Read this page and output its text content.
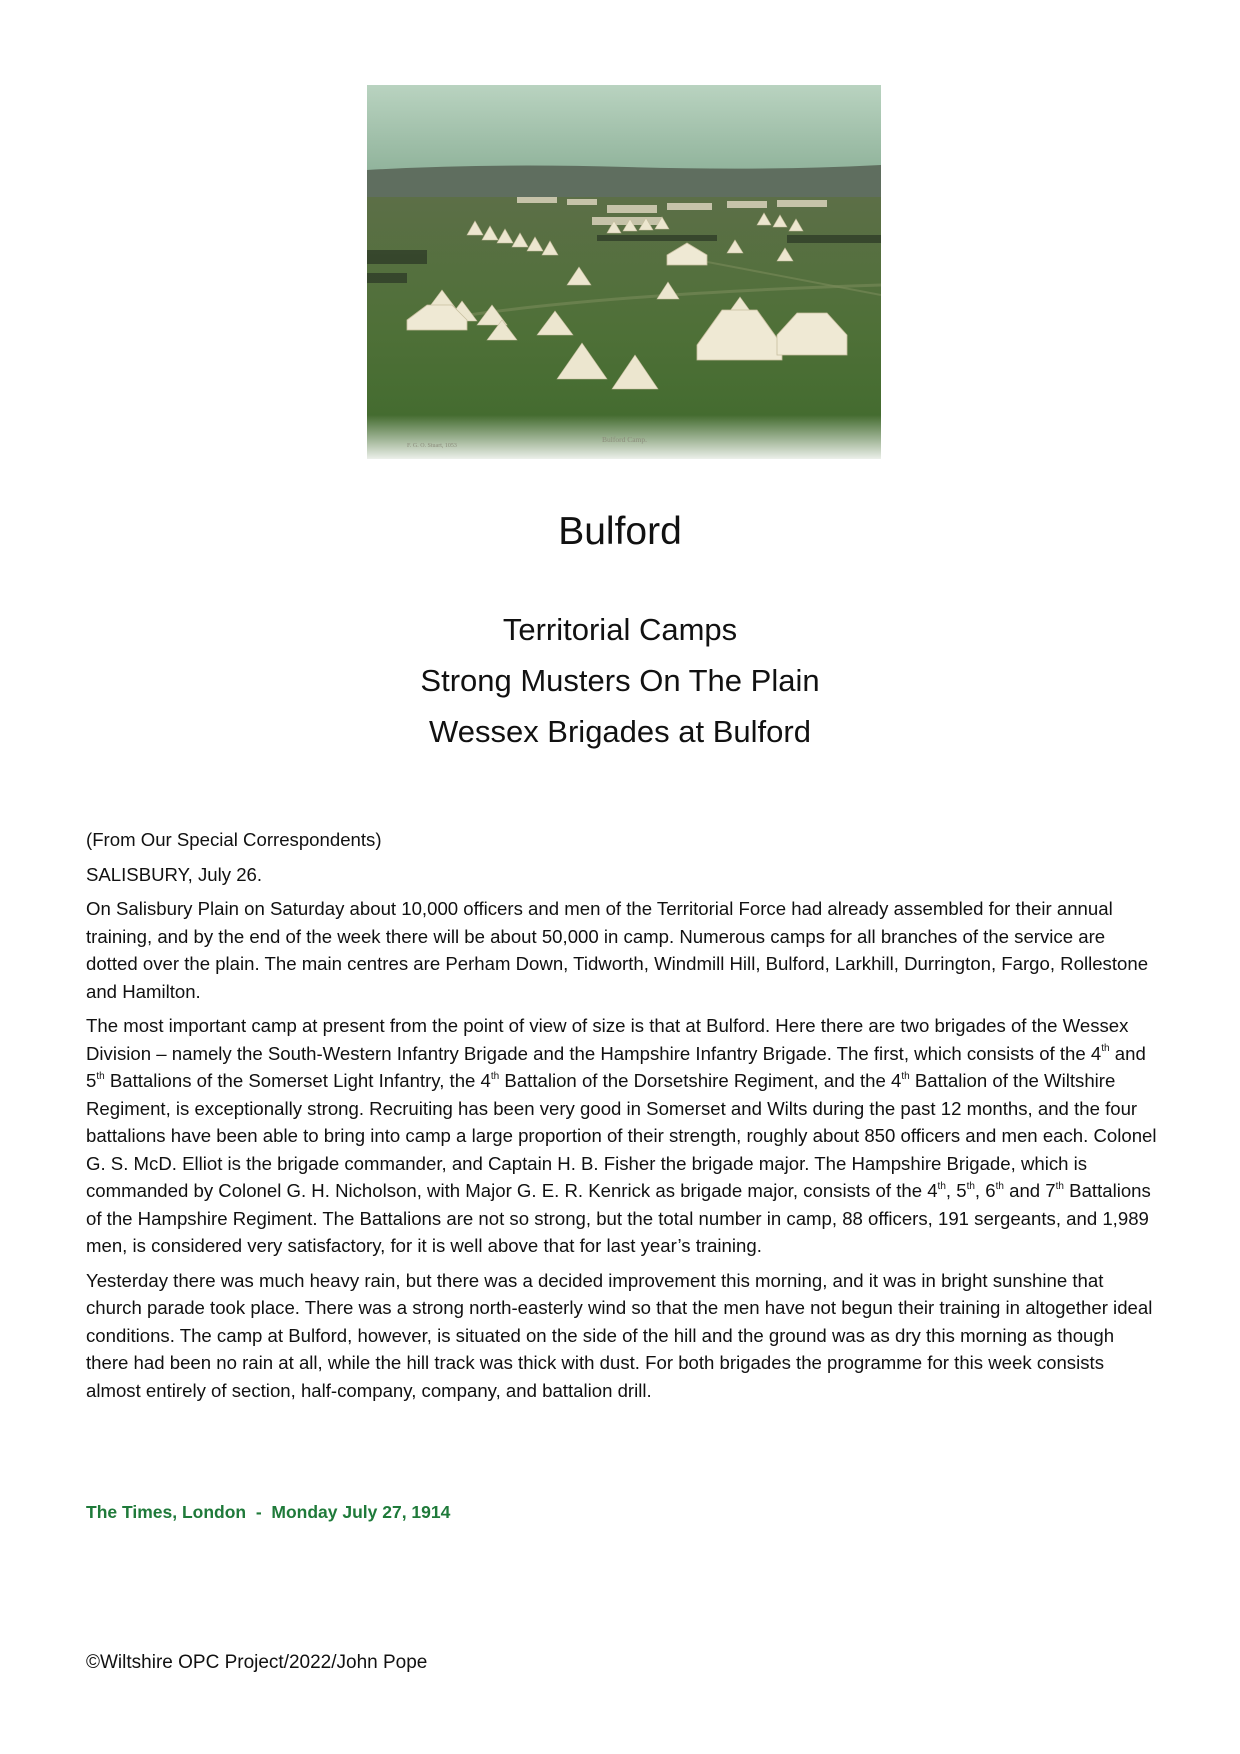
F. G. O. Stuart, 1053
Bulford Camp.
Bulford
Territorial Camps
Strong Musters On The Plain
Wessex Brigades at Bulford

(From Our Special Correspondents)

SALISBURY, July 26.

On Salisbury Plain on Saturday about 10,000 officers and men of the Territorial Force had already assembled for their annual training, and by the end of the week there will be about 50,000 in camp. Numerous camps for all branches of the service are dotted over the plain. The main centres are Perham Down, Tidworth, Windmill Hill, Bulford, Larkhill, Durrington, Fargo, Rollestone and Hamilton.

The most important camp at present from the point of view of size is that at Bulford. Here there are two brigades of the Wessex Division – namely the South-Western Infantry Brigade and the Hampshire Infantry Brigade. The first, which consists of the 4th and 5th Battalions of the Somerset Light Infantry, the 4th Battalion of the Dorsetshire Regiment, and the 4th Battalion of the Wiltshire Regiment, is exceptionally strong. Recruiting has been very good in Somerset and Wilts during the past 12 months, and the four battalions have been able to bring into camp a large proportion of their strength, roughly about 850 officers and men each. Colonel G. S. McD. Elliot is the brigade commander, and Captain H. B. Fisher the brigade major. The Hampshire Brigade, which is commanded by Colonel G. H. Nicholson, with Major G. E. R. Kenrick as brigade major, consists of the 4th, 5th, 6th and 7th Battalions of the Hampshire Regiment. The Battalions are not so strong, but the total number in camp, 88 officers, 191 sergeants, and 1,989 men, is considered very satisfactory, for it is well above that for last year’s training.

Yesterday there was much heavy rain, but there was a decided improvement this morning, and it was in bright sunshine that church parade took place. There was a strong north-easterly wind so that the men have not begun their training in altogether ideal conditions. The camp at Bulford, however, is situated on the side of the hill and the ground was as dry this morning as though there had been no rain at all, while the hill track was thick with dust. For both brigades the programme for this week consists almost entirely of section, half-company, company, and battalion drill.

The Times, London  -  Monday July 27, 1914

©Wiltshire OPC Project/2022/John Pope
